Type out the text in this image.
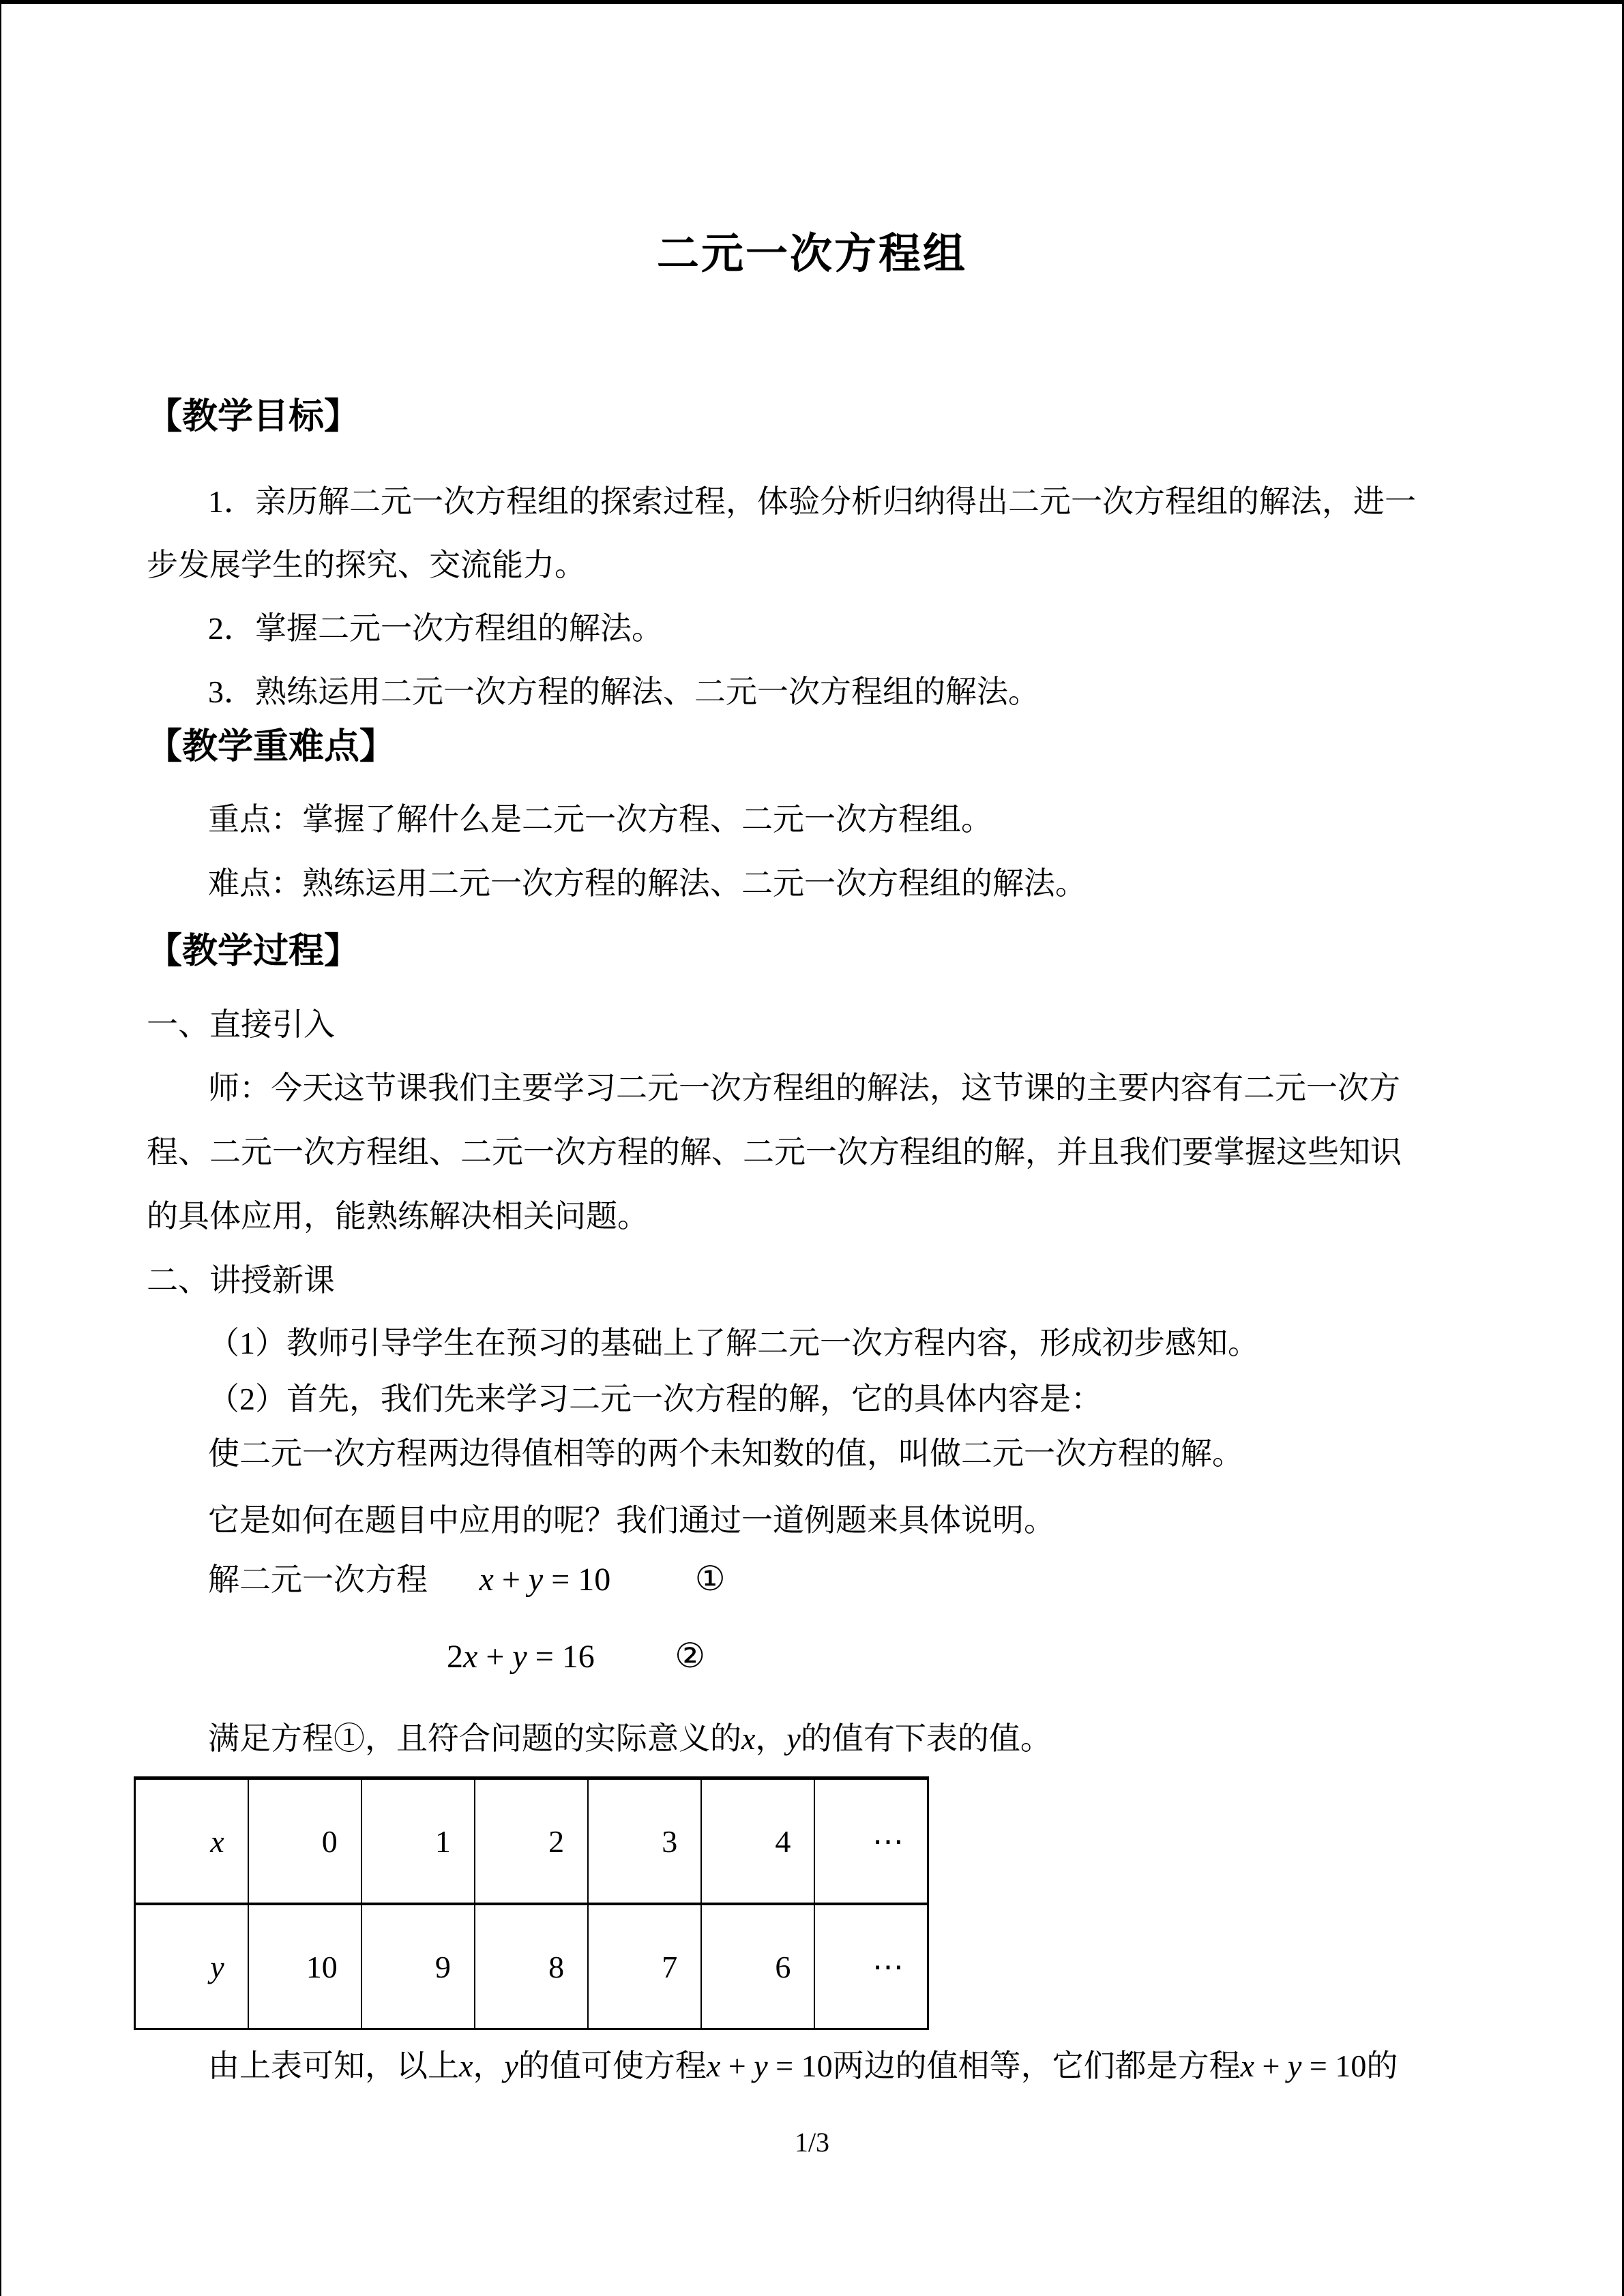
二元一次方程组
【教学目标】
1．亲历解二元一次方程组的探索过程，体验分析归纳得出二元一次方程组的解法，进一
步发展学生的探究、交流能力。
2．掌握二元一次方程组的解法。
3．熟练运用二元一次方程的解法、二元一次方程组的解法。
【教学重难点】
重点：掌握了解什么是二元一次方程、二元一次方程组。
难点：熟练运用二元一次方程的解法、二元一次方程组的解法。
【教学过程】
一、直接引入
师：今天这节课我们主要学习二元一次方程组的解法，这节课的主要内容有二元一次方
程、二元一次方程组、二元一次方程的解、二元一次方程组的解，并且我们要掌握这些知识
的具体应用，能熟练解决相关问题。
二、讲授新课
（1）教师引导学生在预习的基础上了解二元一次方程内容，形成初步感知。
（2）首先，我们先来学习二元一次方程的解，它的具体内容是：
使二元一次方程两边得值相等的两个未知数的值，叫做二元一次方程的解。
它是如何在题目中应用的呢？我们通过一道例题来具体说明。
解二元一次方程 x + y = 10 ①
2x + y = 16 ②
满足方程①，且符合问题的实际意义的x，y的值有下表的值。
x	0	1	2	3	4	⋯
y	10	9	8	7	6	⋯
由上表可知，以上x，y的值可使方程x + y = 10两边的值相等，它们都是方程x + y = 10的
1/3
